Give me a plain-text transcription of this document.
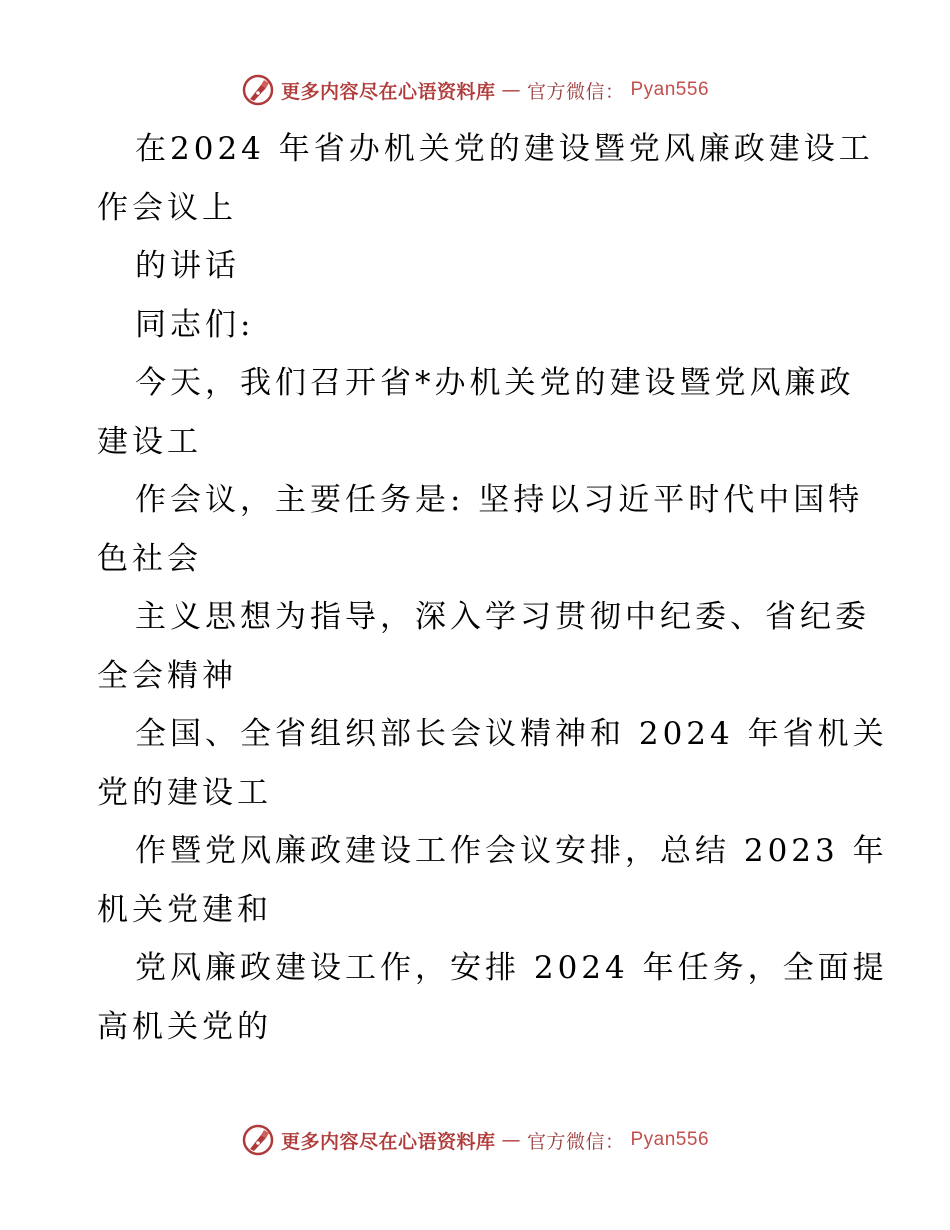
更多内容尽在心语资料库 — 官方微信： Pyan556
在2024 年省办机关党的建设暨党风廉政建设工
作会议上
的讲话
同志们:
今天，我们召开省*办机关党的建设暨党风廉政
建设工
作会议，主要任务是: 坚持以习近平时代中国特
色社会
主义思想为指导，深入学习贯彻中纪委、省纪委
全会精神
全国、全省组织部长会议精神和 2024 年省机关
党的建设工
作暨党风廉政建设工作会议安排，总结 2023 年
机关党建和
党风廉政建设工作，安排 2024 年任务，全面提
高机关党的
更多内容尽在心语资料库 — 官方微信： Pyan556
